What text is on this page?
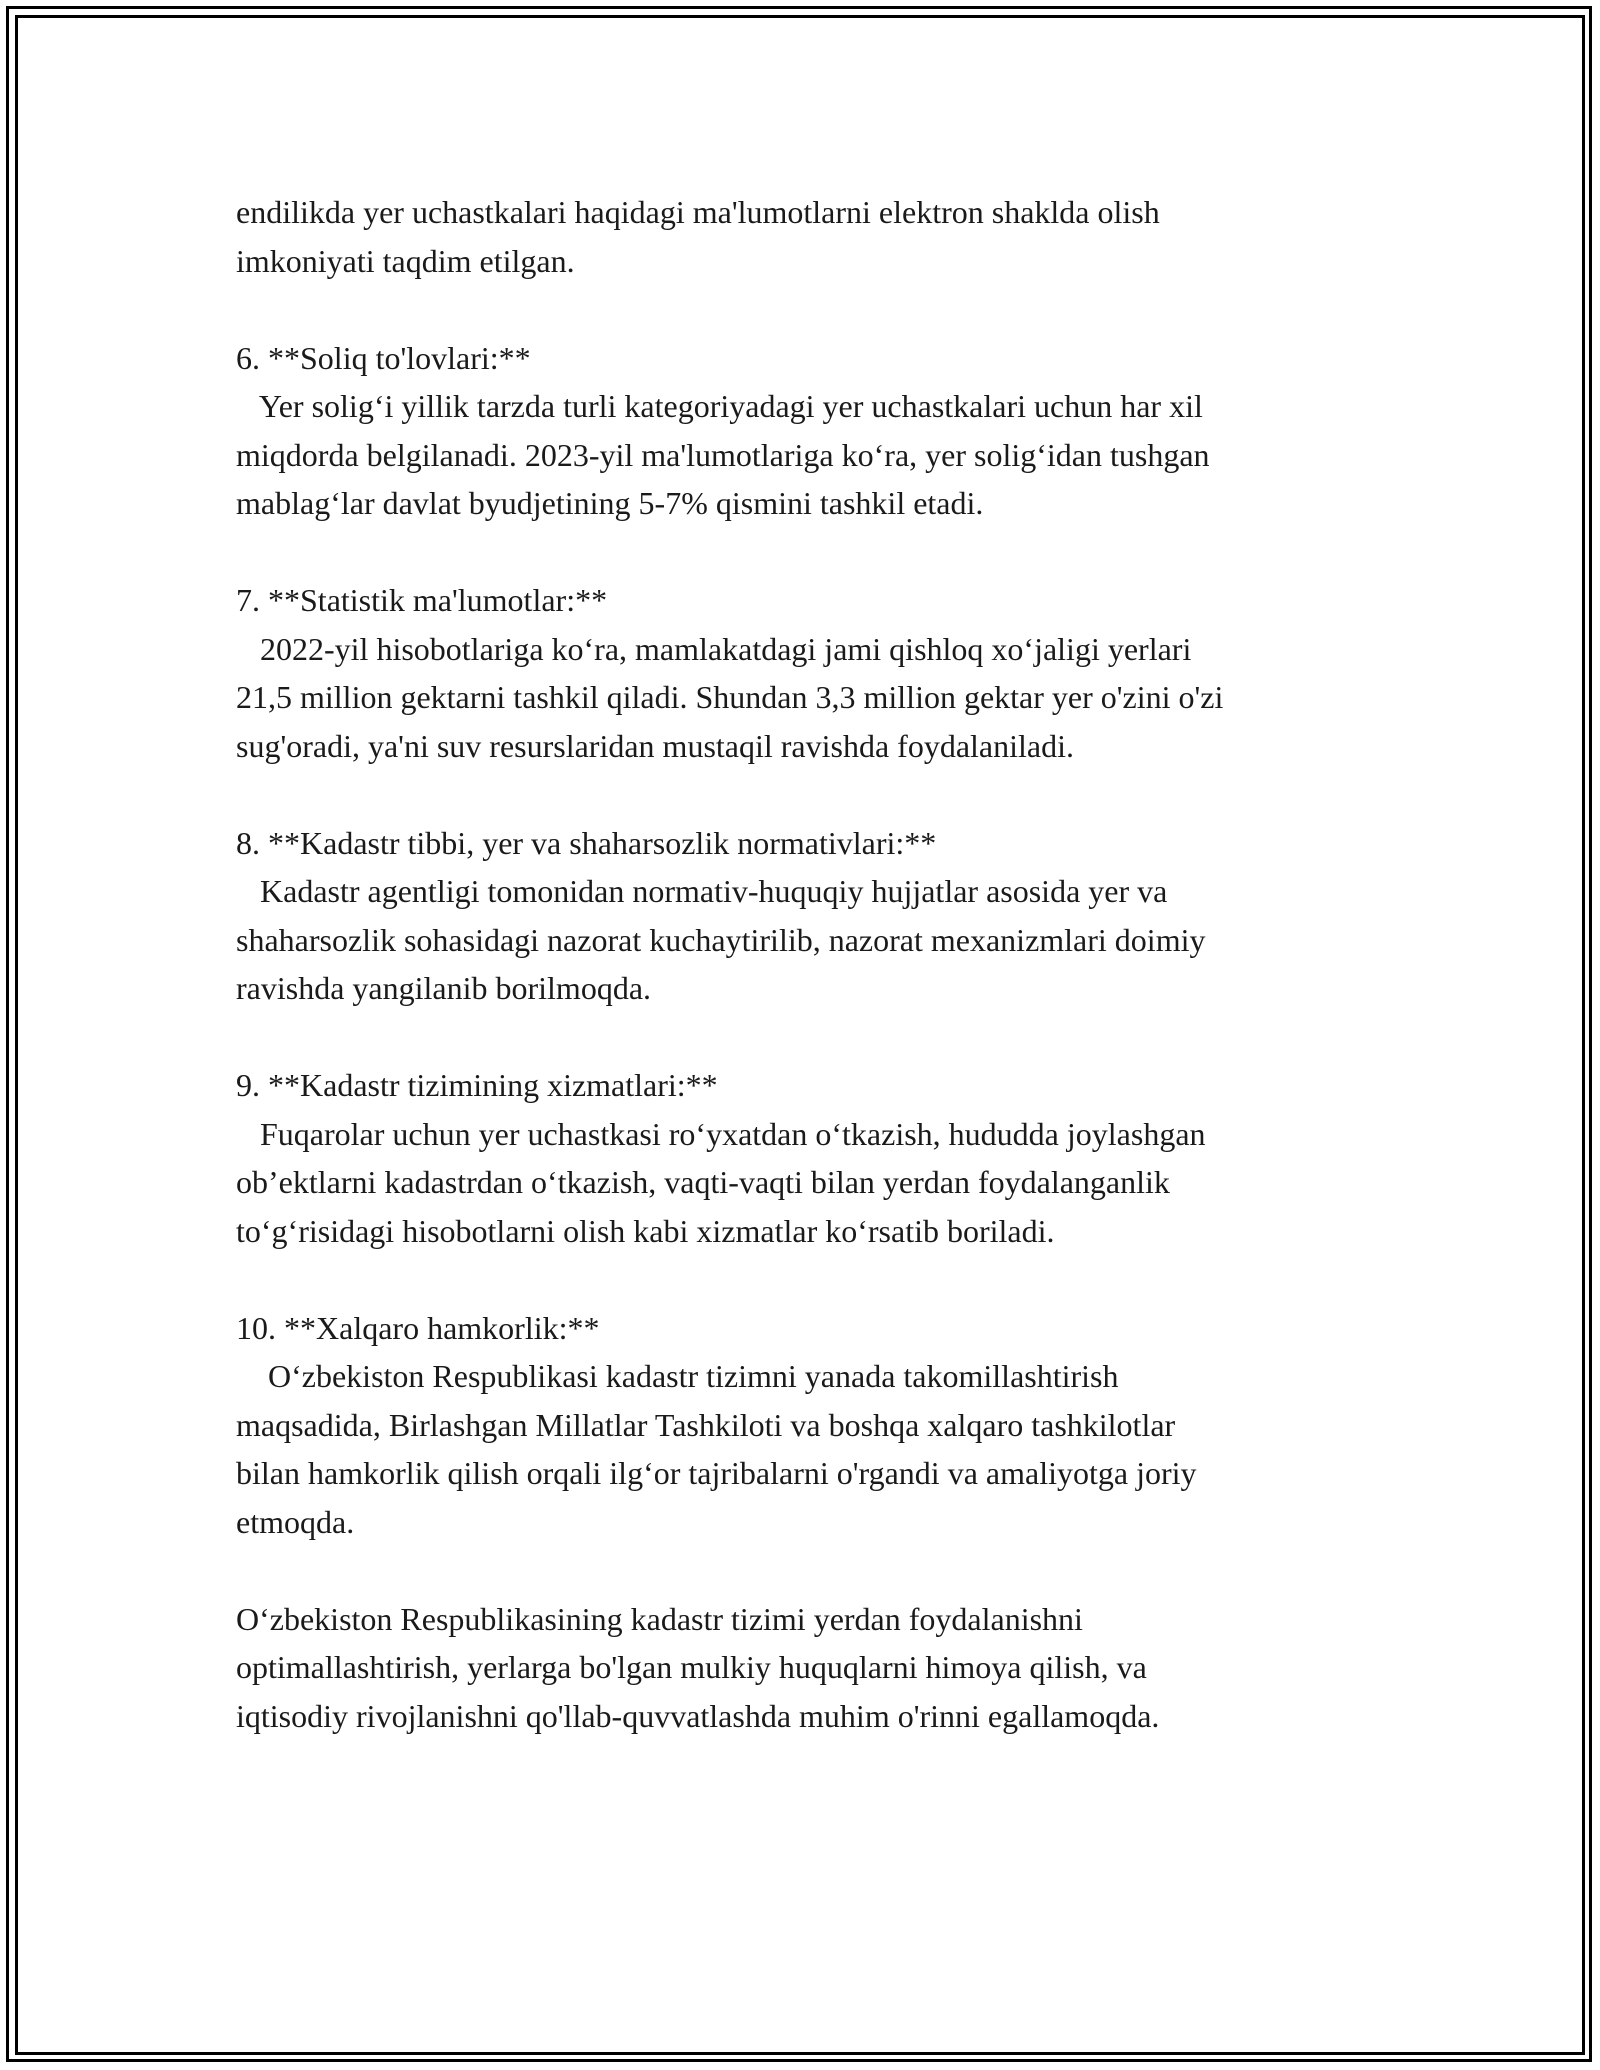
endilikda yer uchastkalari haqidagi ma'lumotlarni elektron shaklda olish
imkoniyati taqdim etilgan.
6. **Soliq to'lovlari:**
Yer solig‘i yillik tarzda turli kategoriyadagi yer uchastkalari uchun har xil
miqdorda belgilanadi. 2023-yil ma'lumotlariga ko‘ra, yer solig‘idan tushgan
mablag‘lar davlat byudjetining 5-7% qismini tashkil etadi.
7. **Statistik ma'lumotlar:**
2022-yil hisobotlariga ko‘ra, mamlakatdagi jami qishloq xo‘jaligi yerlari
21,5 million gektarni tashkil qiladi. Shundan 3,3 million gektar yer o'zini o'zi
sug'oradi, ya'ni suv resurslaridan mustaqil ravishda foydalaniladi.
8. **Kadastr tibbi, yer va shaharsozlik normativlari:**
Kadastr agentligi tomonidan normativ-huquqiy hujjatlar asosida yer va
shaharsozlik sohasidagi nazorat kuchaytirilib, nazorat mexanizmlari doimiy
ravishda yangilanib borilmoqda.
9. **Kadastr tizimining xizmatlari:**
Fuqarolar uchun yer uchastkasi ro‘yxatdan o‘tkazish, hududda joylashgan
ob’ektlarni kadastrdan o‘tkazish, vaqti-vaqti bilan yerdan foydalanganlik
to‘g‘risidagi hisobotlarni olish kabi xizmatlar ko‘rsatib boriladi.
10. **Xalqaro hamkorlik:**
O‘zbekiston Respublikasi kadastr tizimni yanada takomillashtirish
maqsadida, Birlashgan Millatlar Tashkiloti va boshqa xalqaro tashkilotlar
bilan hamkorlik qilish orqali ilg‘or tajribalarni o'rgandi va amaliyotga joriy
etmoqda.
O‘zbekiston Respublikasining kadastr tizimi yerdan foydalanishni
optimallashtirish, yerlarga bo'lgan mulkiy huquqlarni himoya qilish, va
iqtisodiy rivojlanishni qo'llab-quvvatlashda muhim o'rinni egallamoqda.
